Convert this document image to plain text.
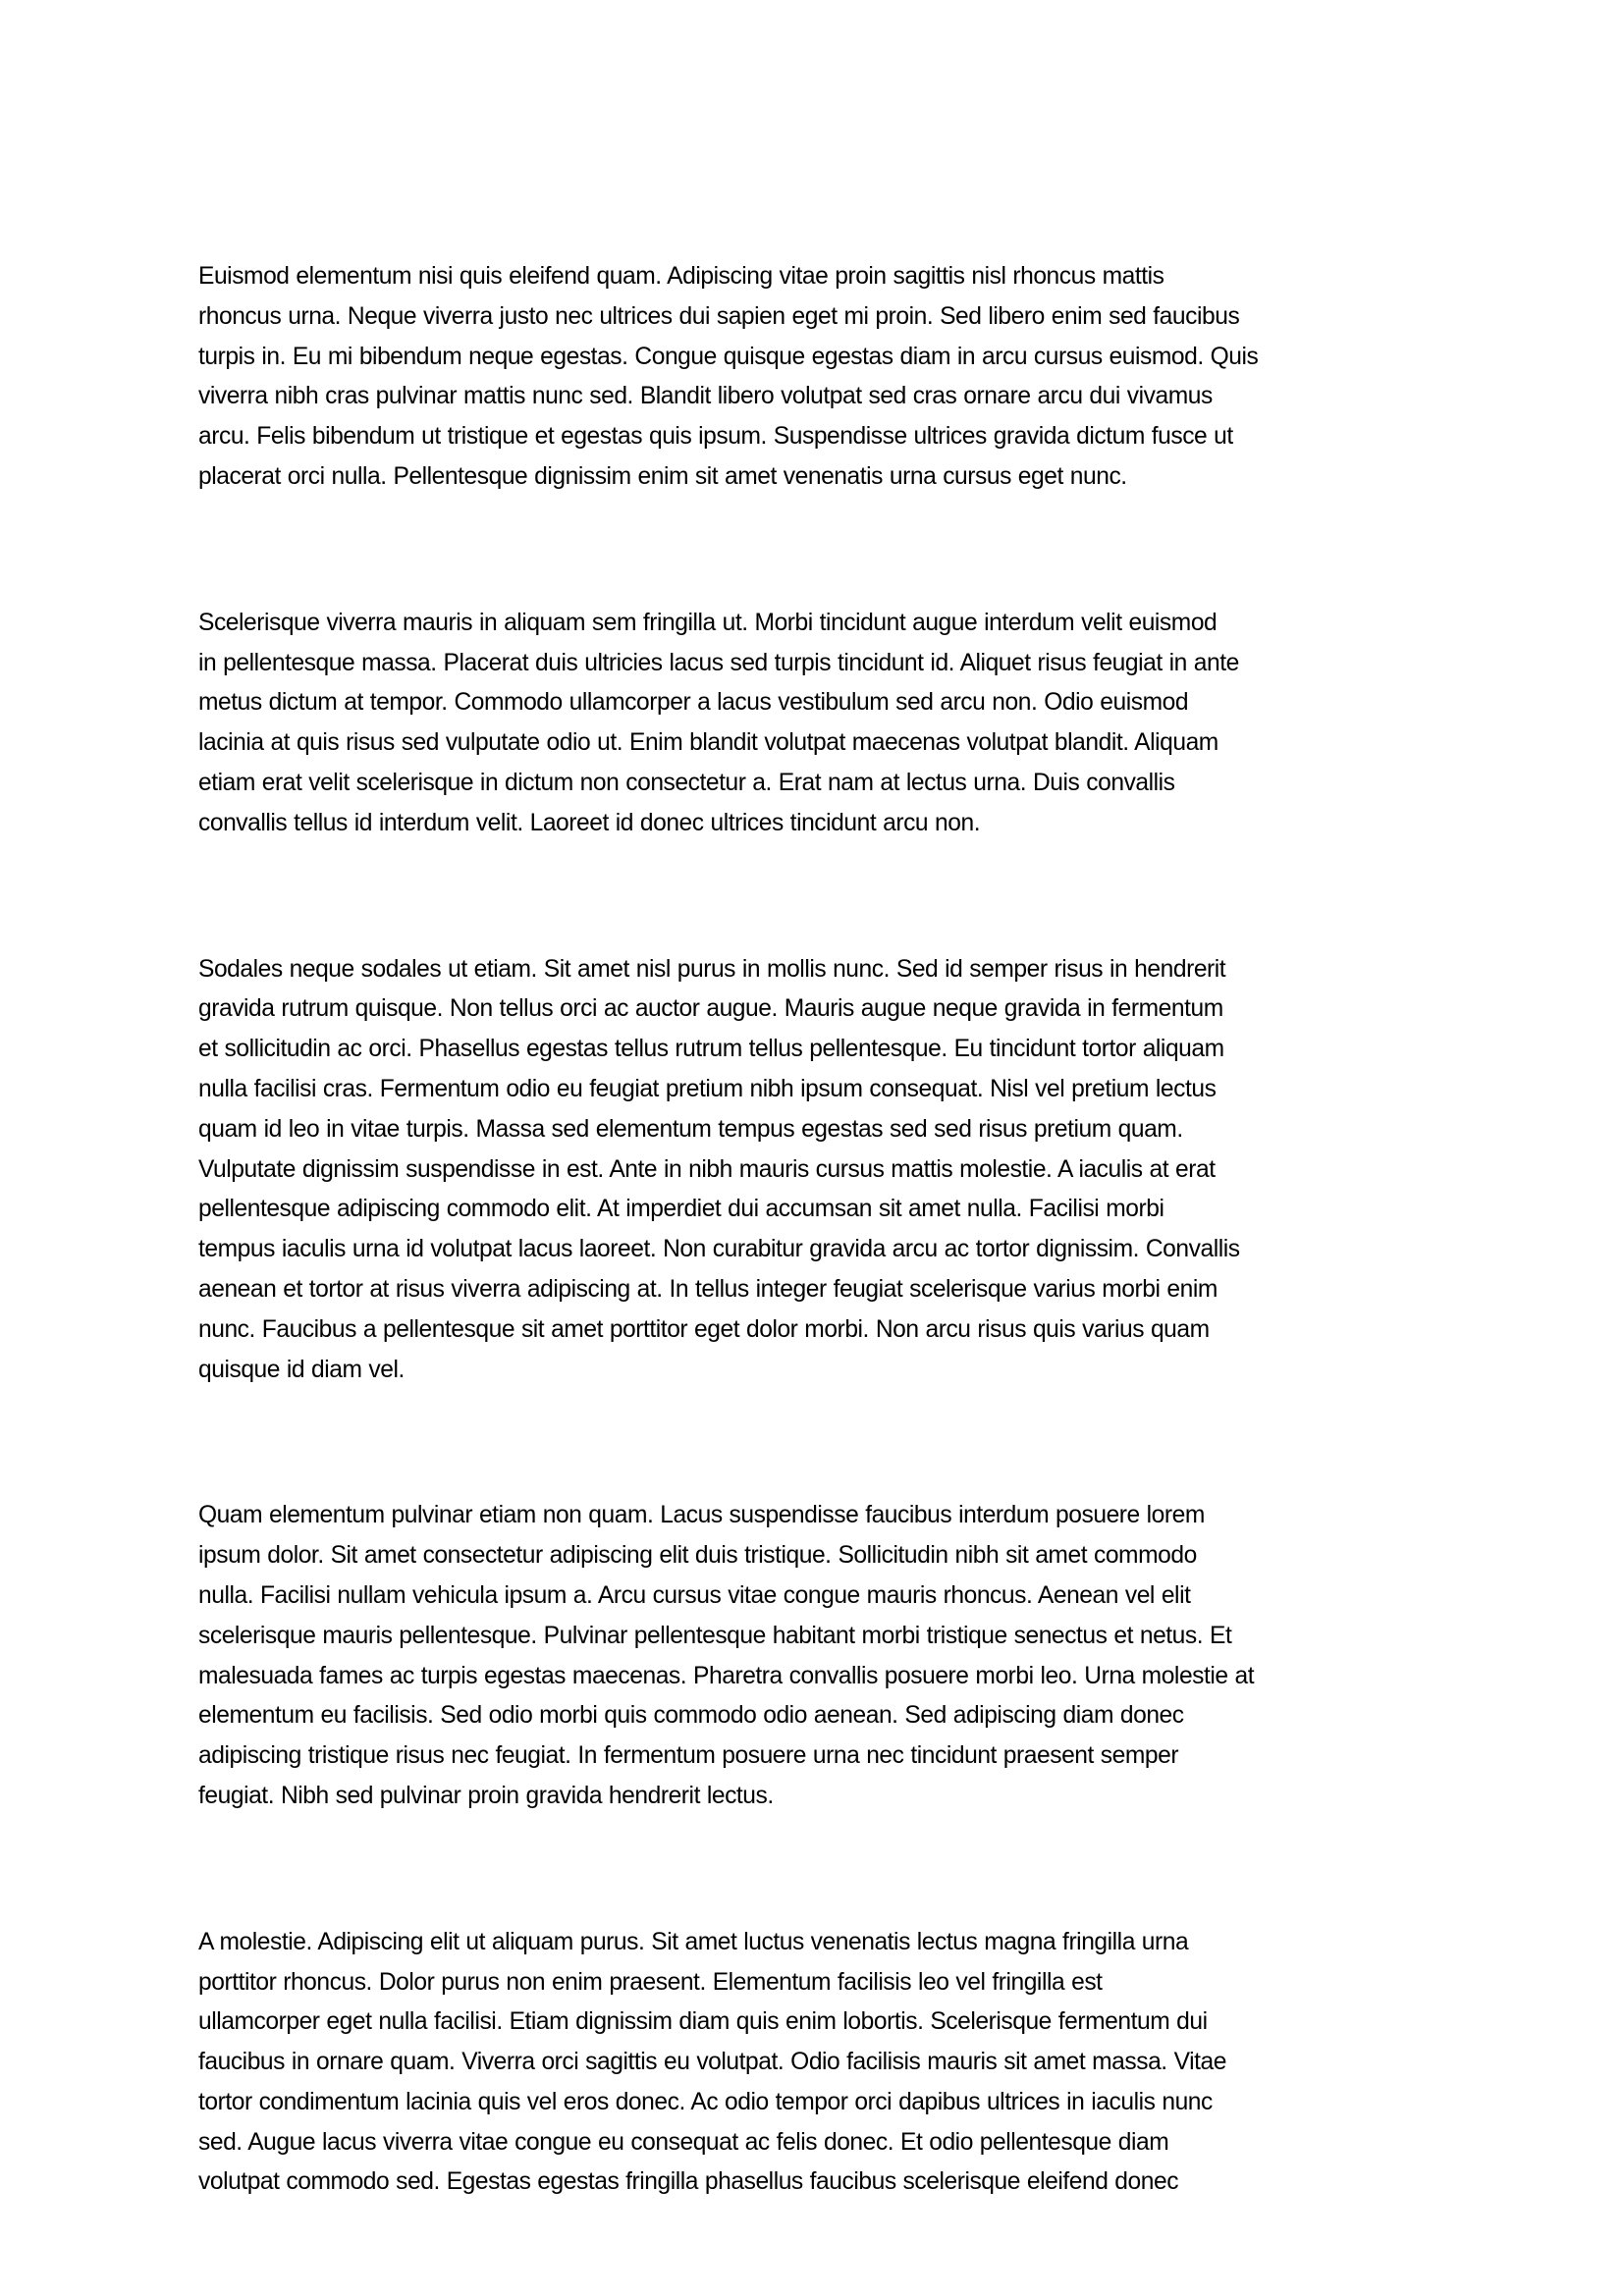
Euismod elementum nisi quis eleifend quam. Adipiscing vitae proin sagittis nisl rhoncus mattis
rhoncus urna. Neque viverra justo nec ultrices dui sapien eget mi proin. Sed libero enim sed faucibus
turpis in. Eu mi bibendum neque egestas. Congue quisque egestas diam in arcu cursus euismod. Quis
viverra nibh cras pulvinar mattis nunc sed. Blandit libero volutpat sed cras ornare arcu dui vivamus
arcu. Felis bibendum ut tristique et egestas quis ipsum. Suspendisse ultrices gravida dictum fusce ut
placerat orci nulla. Pellentesque dignissim enim sit amet venenatis urna cursus eget nunc.

Scelerisque viverra mauris in aliquam sem fringilla ut. Morbi tincidunt augue interdum velit euismod
in pellentesque massa. Placerat duis ultricies lacus sed turpis tincidunt id. Aliquet risus feugiat in ante
metus dictum at tempor. Commodo ullamcorper a lacus vestibulum sed arcu non. Odio euismod
lacinia at quis risus sed vulputate odio ut. Enim blandit volutpat maecenas volutpat blandit. Aliquam
etiam erat velit scelerisque in dictum non consectetur a. Erat nam at lectus urna. Duis convallis
convallis tellus id interdum velit. Laoreet id donec ultrices tincidunt arcu non.

Sodales neque sodales ut etiam. Sit amet nisl purus in mollis nunc. Sed id semper risus in hendrerit
gravida rutrum quisque. Non tellus orci ac auctor augue. Mauris augue neque gravida in fermentum
et sollicitudin ac orci. Phasellus egestas tellus rutrum tellus pellentesque. Eu tincidunt tortor aliquam
nulla facilisi cras. Fermentum odio eu feugiat pretium nibh ipsum consequat. Nisl vel pretium lectus
quam id leo in vitae turpis. Massa sed elementum tempus egestas sed sed risus pretium quam.
Vulputate dignissim suspendisse in est. Ante in nibh mauris cursus mattis molestie. A iaculis at erat
pellentesque adipiscing commodo elit. At imperdiet dui accumsan sit amet nulla. Facilisi morbi
tempus iaculis urna id volutpat lacus laoreet. Non curabitur gravida arcu ac tortor dignissim. Convallis
aenean et tortor at risus viverra adipiscing at. In tellus integer feugiat scelerisque varius morbi enim
nunc. Faucibus a pellentesque sit amet porttitor eget dolor morbi. Non arcu risus quis varius quam
quisque id diam vel.

Quam elementum pulvinar etiam non quam. Lacus suspendisse faucibus interdum posuere lorem
ipsum dolor. Sit amet consectetur adipiscing elit duis tristique. Sollicitudin nibh sit amet commodo
nulla. Facilisi nullam vehicula ipsum a. Arcu cursus vitae congue mauris rhoncus. Aenean vel elit
scelerisque mauris pellentesque. Pulvinar pellentesque habitant morbi tristique senectus et netus. Et
malesuada fames ac turpis egestas maecenas. Pharetra convallis posuere morbi leo. Urna molestie at
elementum eu facilisis. Sed odio morbi quis commodo odio aenean. Sed adipiscing diam donec
adipiscing tristique risus nec feugiat. In fermentum posuere urna nec tincidunt praesent semper
feugiat. Nibh sed pulvinar proin gravida hendrerit lectus.

A molestie. Adipiscing elit ut aliquam purus. Sit amet luctus venenatis lectus magna fringilla urna
porttitor rhoncus. Dolor purus non enim praesent. Elementum facilisis leo vel fringilla est
ullamcorper eget nulla facilisi. Etiam dignissim diam quis enim lobortis. Scelerisque fermentum dui
faucibus in ornare quam. Viverra orci sagittis eu volutpat. Odio facilisis mauris sit amet massa. Vitae
tortor condimentum lacinia quis vel eros donec. Ac odio tempor orci dapibus ultrices in iaculis nunc
sed. Augue lacus viverra vitae congue eu consequat ac felis donec. Et odio pellentesque diam
volutpat commodo sed. Egestas egestas fringilla phasellus faucibus scelerisque eleifend donec
